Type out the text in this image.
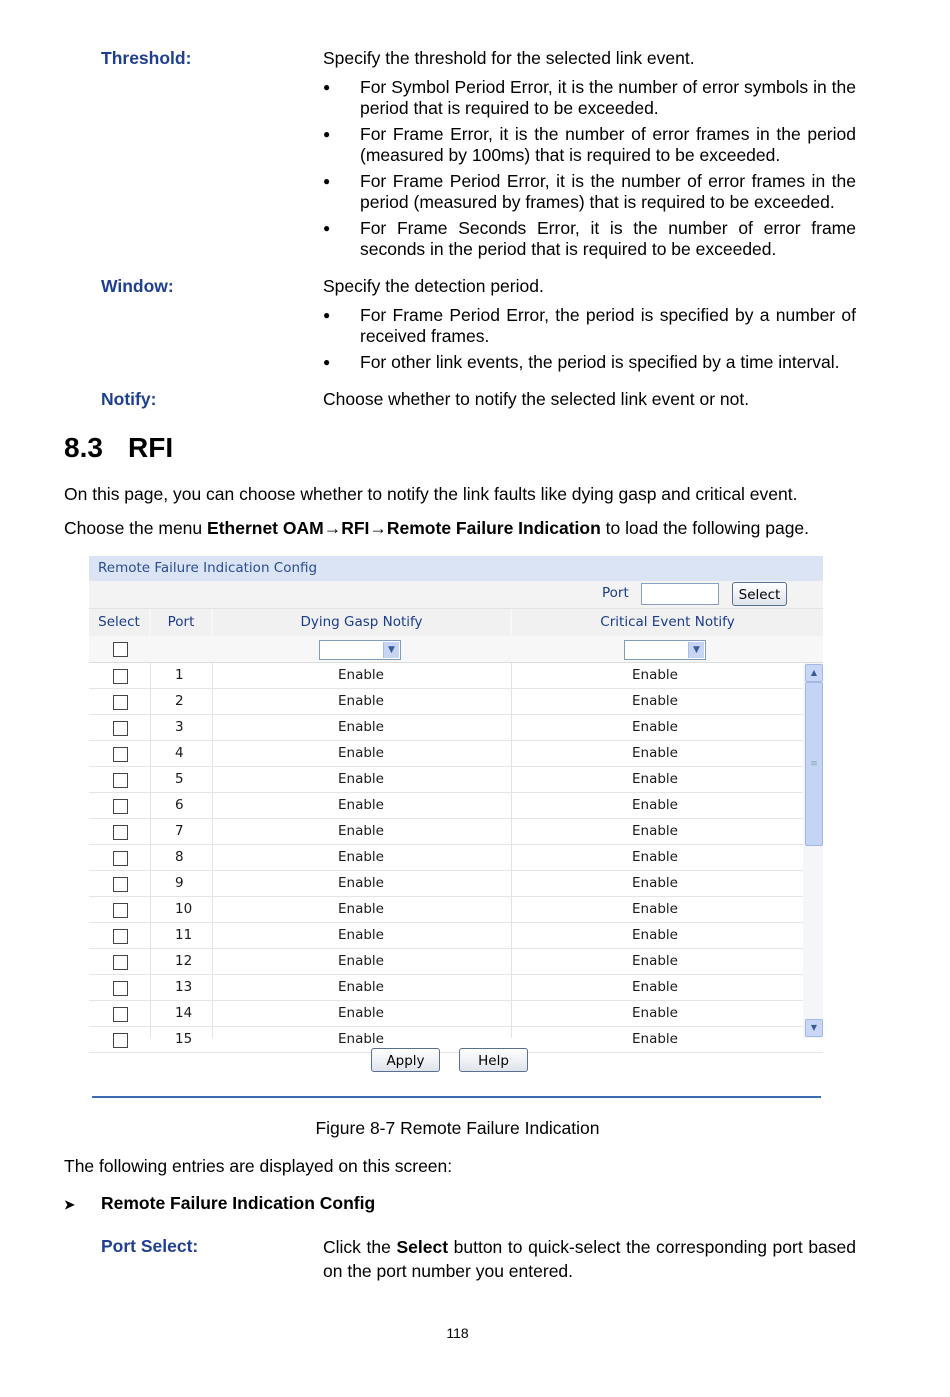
Threshold:	Specify the threshold for the selected link event.

● For Symbol Period Error, it is the number of error symbols in the period that is required to be exceeded.
● For Frame Error, it is the number of error frames in the period (measured by 100ms) that is required to be exceeded.
● For Frame Period Error, it is the number of error frames in the period (measured by frames) that is required to be exceeded.
● For Frame Seconds Error, it is the number of error frame seconds in the period that is required to be exceeded.
Window:	Specify the detection period.

● For Frame Period Error, the period is specified by a number of received frames.
● For other link events, the period is specified by a time interval.
Notify:	Choose whether to notify the selected link event or not.
8.3 RFI
On this page, you can choose whether to notify the link faults like dying gasp and critical event.
Choose the menu Ethernet OAM→RFI→Remote Failure Indication to load the following page.
Remote Failure Indication Config
Port	Select
Select	Port	Dying Gasp Notify	Critical Event Notify
▼	▼
1	Enable	Enable
2	Enable	Enable
3	Enable	Enable
4	Enable	Enable
5	Enable	Enable
6	Enable	Enable
7	Enable	Enable
8	Enable	Enable
9	Enable	Enable
10	Enable	Enable
11	Enable	Enable
12	Enable	Enable
13	Enable	Enable
14	Enable	Enable
15	Enable	Enable
▲
≡
▼
Apply	Help
Figure 8-7 Remote Failure Indication
The following entries are displayed on this screen:
➤ Remote Failure Indication Config
Port Select:	Click the Select button to quick-select the corresponding port based on the port number you entered.
118
